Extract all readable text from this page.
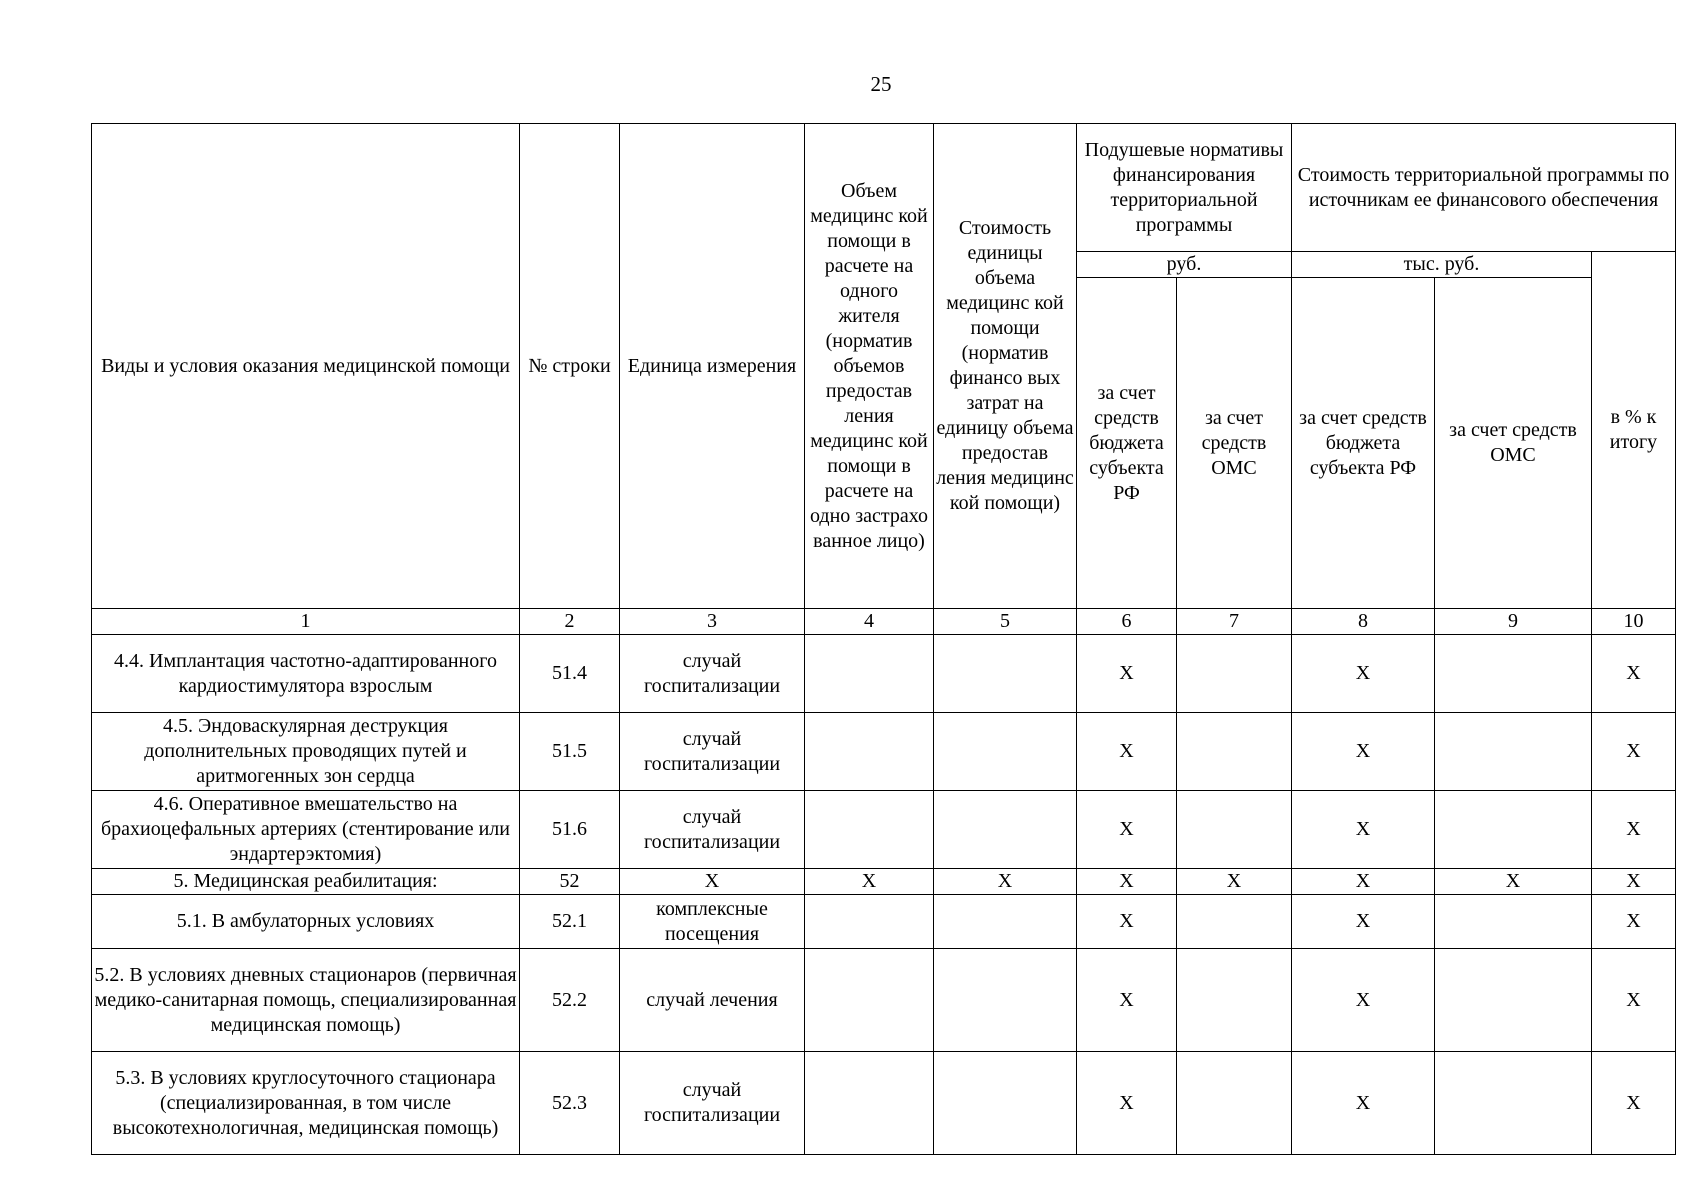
25
Виды и условия оказания медицинской помощи	№ строки	Единица измерения	Объем медицинс кой помощи в расчете на одного жителя (норматив объемов предостав ления медицинс кой помощи в расчете на одно застрахо ванное лицо)	Стоимость единицы объема медицинс кой помощи (норматив финансо вых затрат на единицу объема предостав ления медицинс кой помощи)	Подушевые нормативы финансирования территориальной программы		Стоимость территориальной программы по источникам ее финансового обеспечения		
					руб.		тыс. руб.		в % к итогу
					за счет средств бюджета субъекта РФ	за счет средств ОМС	за счет средств бюджета субъекта РФ	за счет средств ОМС	
1	2	3	4	5	6	7	8	9	10
4.4. Имплантация частотно-адаптированного кардиостимулятора взрослым	51.4	случай госпитализации			X		X		X
4.5. Эндоваскулярная деструкция дополнительных проводящих путей и аритмогенных зон сердца	51.5	случай госпитализации			X		X		X
4.6. Оперативное вмешательство на брахиоцефальных артериях (стентирование или эндартерэктомия)	51.6	случай госпитализации			X		X		X
5. Медицинская реабилитация:	52	X	X	X	X	X	X	X	X
5.1. В амбулаторных условиях	52.1	комплексные посещения			X		X		X
5.2. В условиях дневных стационаров (первичная медико-санитарная помощь, специализированная медицинская помощь)	52.2	случай лечения			X		X		X
5.3. В условиях круглосуточного стационара (специализированная, в том числе высокотехнологичная, медицинская помощь)	52.3	случай госпитализации			X		X		X
